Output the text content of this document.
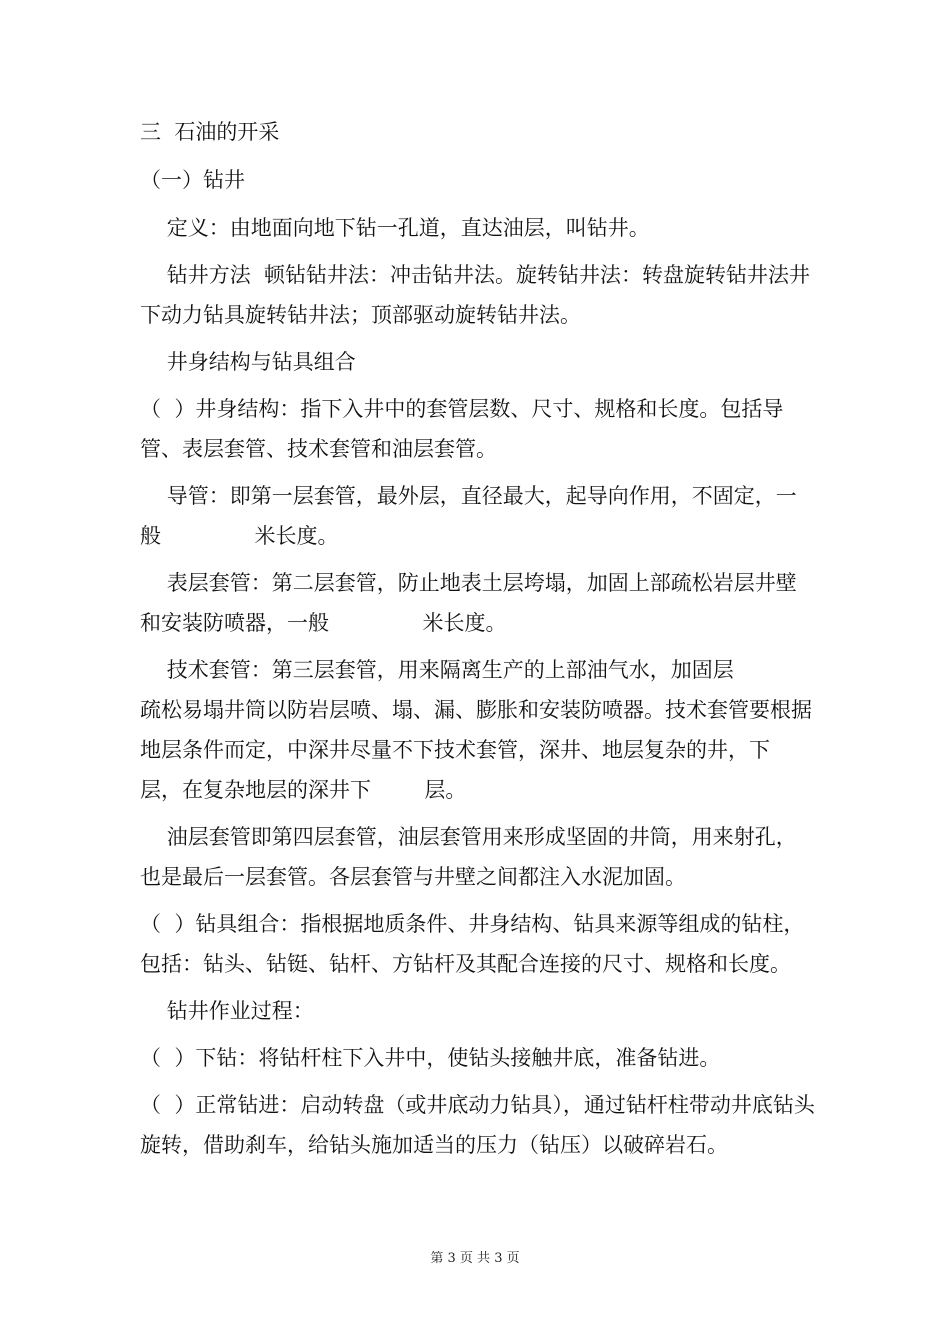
三  石油的开采

（一）钻井

定义：由地面向地下钻一孔道，直达油层，叫钻井。

钻井方法  顿钻钻井法：冲击钻井法。旋转钻井法：转盘旋转钻井法井下动力钻具旋转钻井法；顶部驱动旋转钻井法。

井身结构与钻具组合

（  ）井身结构：指下入井中的套管层数、尺寸、规格和长度。包括导管、表层套管、技术套管和油层套管。

导管：即第一层套管，最外层，直径最大，起导向作用，不固定，一般              米长度。

表层套管：第二层套管，防止地表土层垮塌，加固上部疏松岩层井壁和安装防喷器，一般              米长度。

技术套管：第三层套管，用来隔离生产的上部油气水，加固层

疏松易塌井筒以防岩层喷、塌、漏、膨胀和安装防喷器。技术套管要根据地层条件而定，中深井尽量不下技术套管，深井、地层复杂的井，下        层，在复杂地层的深井下        层。

油层套管即第四层套管，油层套管用来形成坚固的井筒，用来射孔，也是最后一层套管。各层套管与井壁之间都注入水泥加固。

（  ）钻具组合：指根据地质条件、井身结构、钻具来源等组成的钻柱，包括：钻头、钻铤、钻杆、方钻杆及其配合连接的尺寸、规格和长度。

钻井作业过程：

（  ）下钻：将钻杆柱下入井中，使钻头接触井底，准备钻进。

（  ）正常钻进：启动转盘（或井底动力钻具），通过钻杆柱带动井底钻头旋转，借助刹车，给钻头施加适当的压力（钻压）以破碎岩石。

第 3 页 共 3 页
